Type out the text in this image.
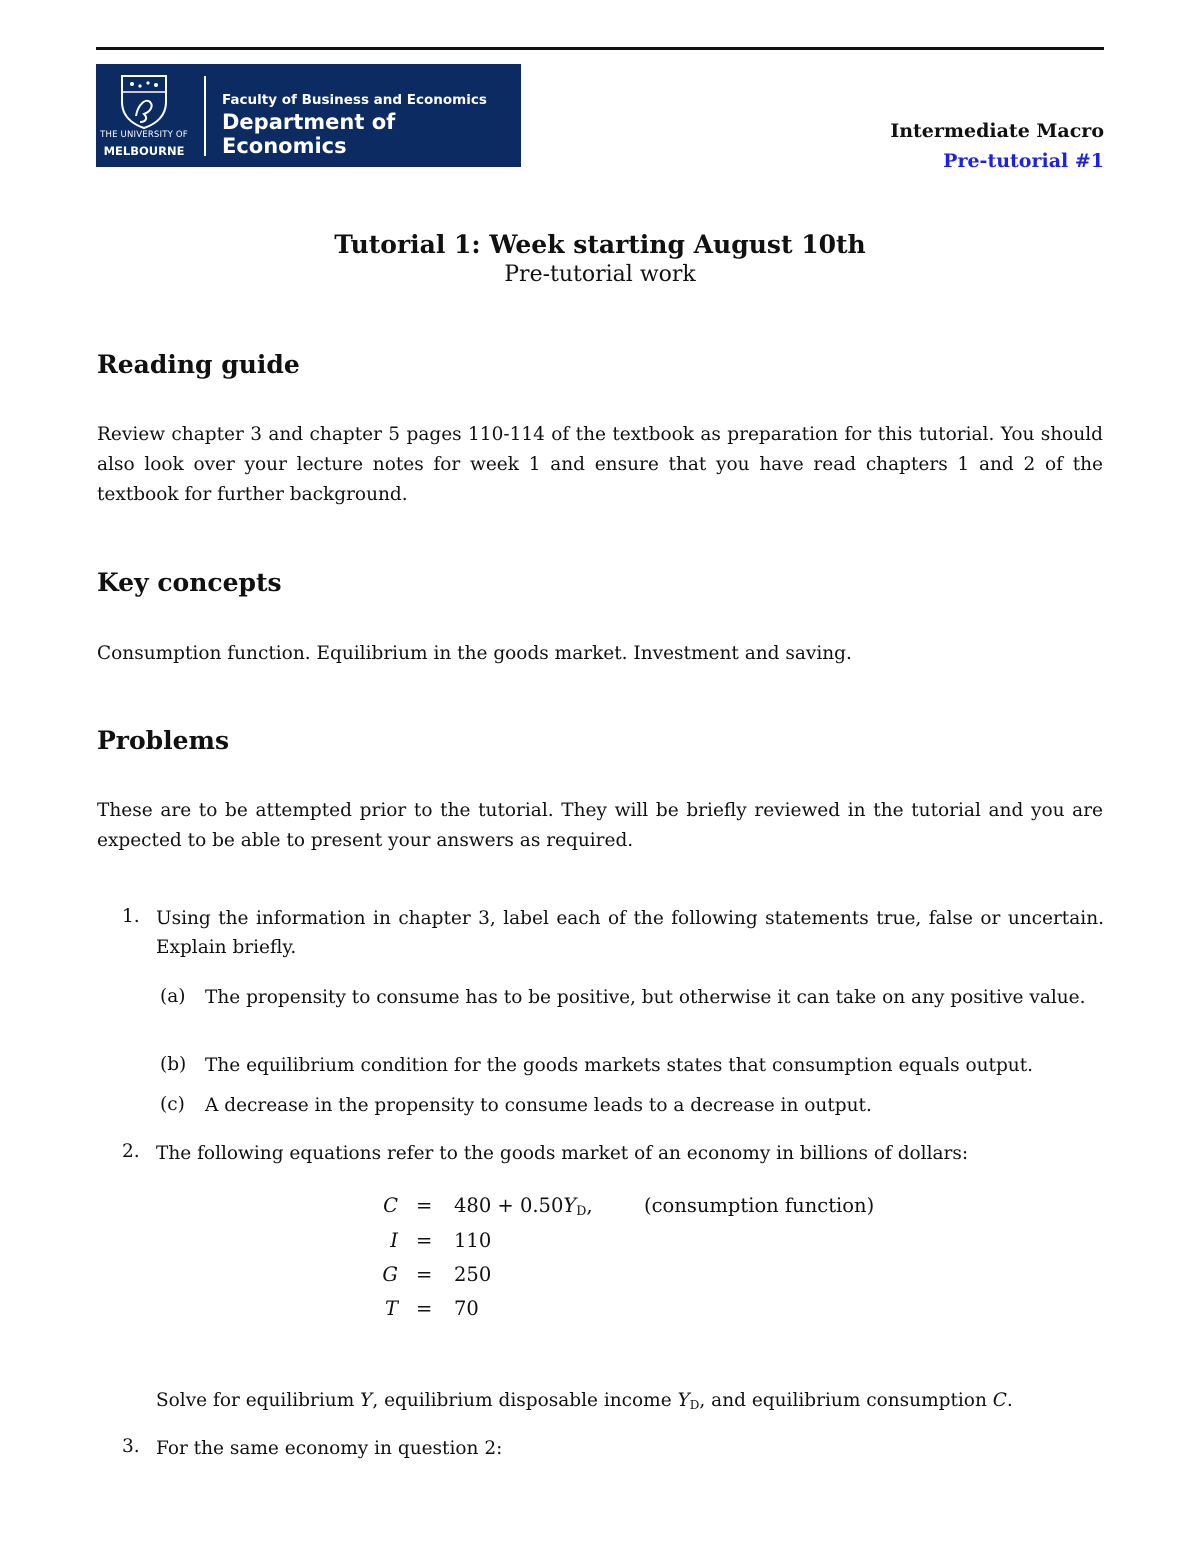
THE UNIVERSITY OF
MELBOURNE
Faculty of Business and Economics
Department of Economics
Intermediate Macro
Pre-tutorial #1
Tutorial 1: Week starting August 10th
Pre-tutorial work
Reading guide
Review chapter 3 and chapter 5 pages 110-114 of the textbook as preparation for this tutorial. You should also look over your lecture notes for week 1 and ensure that you have read chapters 1 and 2 of the textbook for further background.
Key concepts
Consumption function. Equilibrium in the goods market. Investment and saving.
Problems
These are to be attempted prior to the tutorial. They will be briefly reviewed in the tutorial and you are expected to be able to present your answers as required.
1. Using the information in chapter 3, label each of the following statements true, false or uncertain. Explain briefly.
(a) The propensity to consume has to be positive, but otherwise it can take on any positive value.
(b) The equilibrium condition for the goods markets states that consumption equals output.
(c) A decrease in the propensity to consume leads to a decrease in output.
2. The following equations refer to the goods market of an economy in billions of dollars:
$C = 480 + 0.50Y_D$,	(consumption function)
I = 110
G = 250
T = 70
Solve for equilibrium Y, equilibrium disposable income $Y_D$, and equilibrium consumption C.
3. For the same economy in question 2:
